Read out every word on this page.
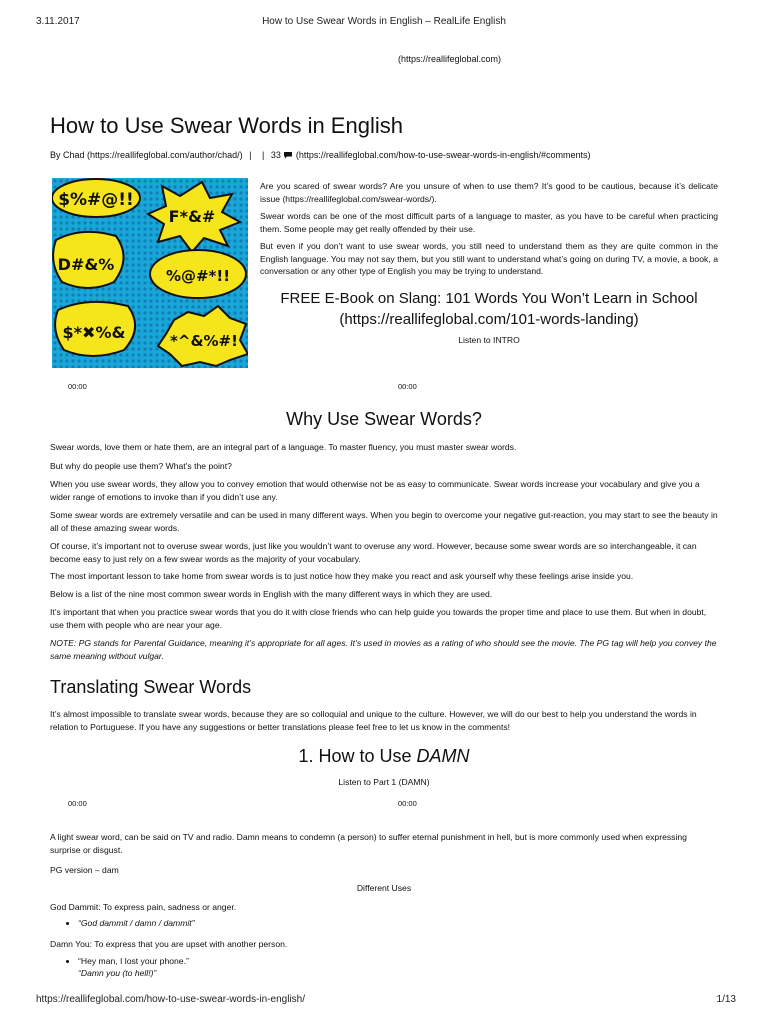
3.11.2017	How to Use Swear Words in English – RealLife English
(https://reallifeglobal.com)
How to Use Swear Words in English
By Chad (https://reallifeglobal.com/author/chad/) | | 33 (https://reallifeglobal.com/how-to-use-swear-words-in-english/#comments)
$%#@!!
F*&#
D#&%
%@#*!!
$*✖%&	*^&%#!

Are you scared of swear words? Are you unsure of when to use them? It’s good to be cautious, because it’s delicate issue (https://reallifeglobal.com/swear-words/).

Swear words can be one of the most difficult parts of a language to master, as you have to be careful when practicing them. Some people may get really offended by their use.

But even if you don’t want to use swear words, you still need to understand them as they are quite common in the English language. You may not say them, but you still want to understand what’s going on during TV, a movie, a book, a conversation or any other type of English you may be trying to understand.

FREE E-Book on Slang: 101 Words You Won’t Learn in School (https://reallifeglobal.com/101-words-landing)
Listen to INTRO
00:00	00:00
Why Use Swear Words?

Swear words, love them or hate them, are an integral part of a language. To master fluency, you must master swear words.

But why do people use them? What’s the point?

When you use swear words, they allow you to convey emotion that would otherwise not be as easy to communicate. Swear words increase your vocabulary and give you a wider range of emotions to invoke than if you didn’t use any.

Some swear words are extremely versatile and can be used in many different ways. When you begin to overcome your negative gut-reaction, you may start to see the beauty in all of these amazing swear words.

Of course, it’s important not to overuse swear words, just like you wouldn’t want to overuse any word. However, because some swear words are so interchangeable, it can become easy to just rely on a few swear words as the majority of your vocabulary.

The most important lesson to take home from swear words is to just notice how they make you react and ask yourself why these feelings arise inside you.

Below is a list of the nine most common swear words in English with the many different ways in which they are used.

It’s important that when you practice swear words that you do it with close friends who can help guide you towards the proper time and place to use them. But when in doubt, use them with people who are near your age.

NOTE: PG stands for Parental Guidance, meaning it’s appropriate for all ages. It’s used in movies as a rating of who should see the movie. The PG tag will help you convey the same meaning without vulgar.

Translating Swear Words

It’s almost impossible to translate swear words, because they are so colloquial and unique to the culture. However, we will do our best to help you understand the words in relation to Portuguese. If you have any suggestions or better translations please feel free to let us know in the comments!

1. How to Use DAMN
Listen to Part 1 (DAMN)
00:00	00:00

A light swear word, can be said on TV and radio. Damn means to condemn (a person) to suffer eternal punishment in hell, but is more commonly used when expressing surprise or disgust.

PG version – dam

Different Uses

God Dammit: To express pain, sadness or anger.

• “God dammit / damn / dammit”

Damn You: To express that you are upset with another person.

• “Hey man, I lost your phone.”
“Damn you (to hell!)”
https://reallifeglobal.com/how-to-use-swear-words-in-english/	1/13
